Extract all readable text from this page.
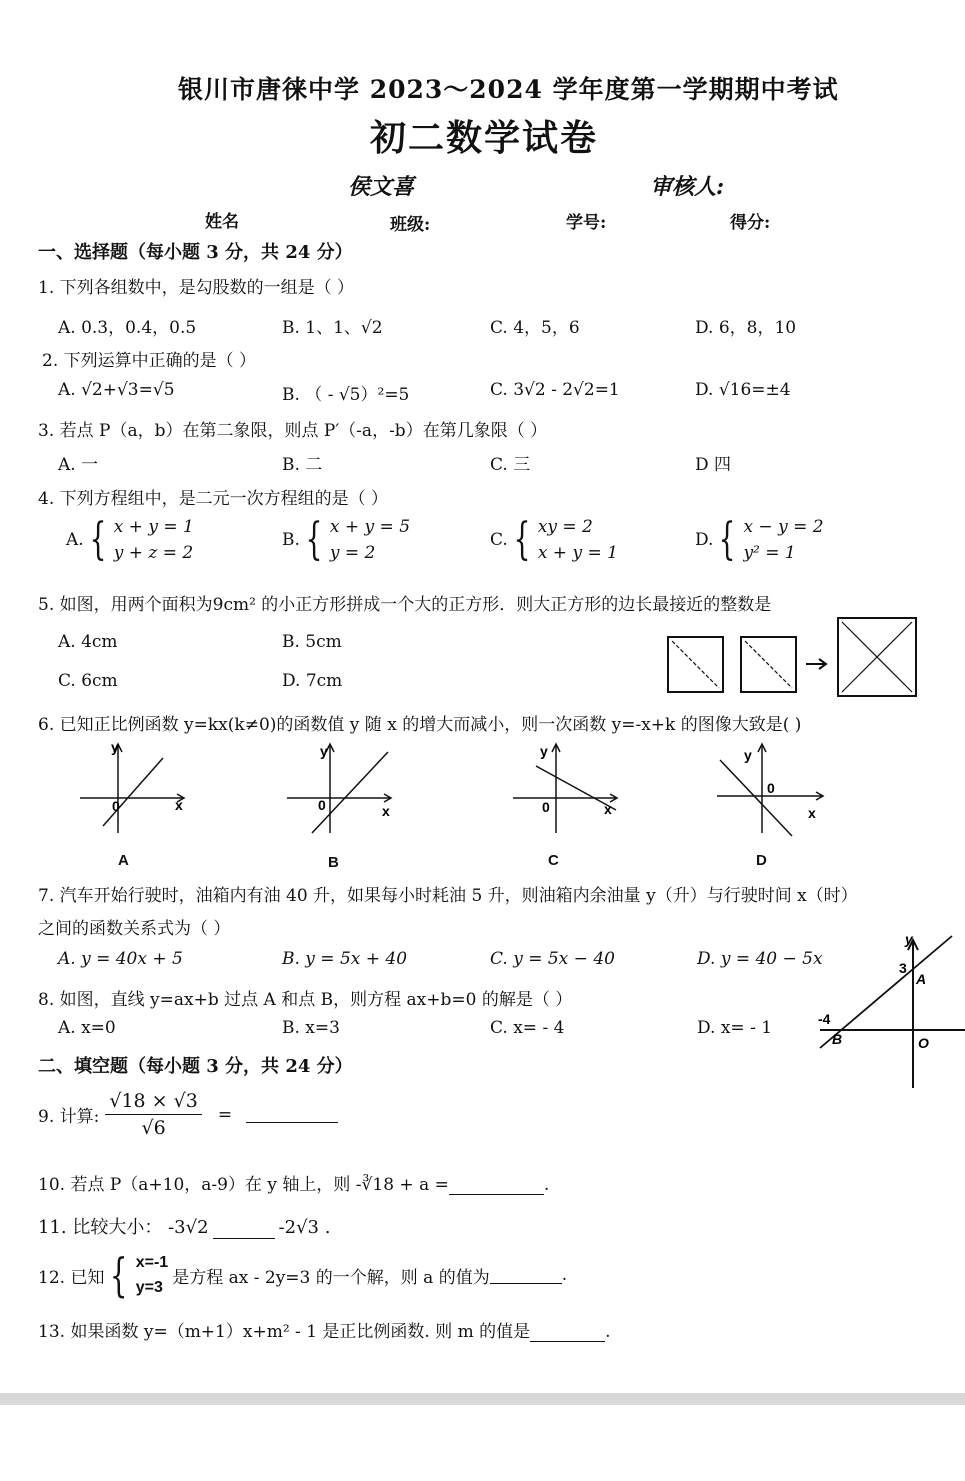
银川市唐徕中学 2023～2024 学年度第一学期期中考试
初二数学试卷
侯文喜	审核人:
姓名	班级:	学号:	得分:
一、选择题（每小题 3 分，共 24 分）
1. 下列各组数中，是勾股数的一组是（ ）
A. 0.3，0.4，0.5	B. 1、1、√2	C. 4，5，6	D. 6，8，10
2. 下列运算中正确的是（ ）
A. √2+√3=√5	B. （ - √5）²=5	C. 3√2 - 2√2=1	D. √16=±4
3. 若点 P（a，b）在第二象限，则点 P′（-a，-b）在第几象限（ ）
A. 一	B. 二	C. 三	D 四
4. 下列方程组中，是二元一次方程组的是（ ）
A. { x + y = 1
y + z = 2
B. { x + y = 5
y = 2
C. { xy = 2
x + y = 1
D. { x − y = 2
y² = 1
5. 如图，用两个面积为9cm² 的小正方形拼成一个大的正方形．则大正方形的边长最接近的整数是
A. 4cm	B. 5cm
C. 6cm	D. 7cm
6. 已知正比例函数 y=kx(k≠0)的函数值 y 随 x 的增大而减小，则一次函数 y=-x+k 的图像大致是( )
y
x
0
y
x
0
y
x
0
y
x
0
A	B	C	D
7. 汽车开始行驶时，油箱内有油 40 升，如果每小时耗油 5 升，则油箱内余油量 y（升）与行驶时间 x（时）
之间的函数关系式为（ ）
A. y = 40x + 5	B. y = 5x + 40	C. y = 5x − 40	D. y = 40 − 5x
8. 如图，直线 y=ax+b 过点 A 和点 B，则方程 ax+b=0 的解是（ ）
A. x=0	B. x=3	C. x= - 4	D. x= - 1
y
3
A
-4
B	O
二、填空题（每小题 3 分，共 24 分）
9. 计算: $\frac{√18 \times √3}{√6}$ =
10. 若点 P（a+10，a-9）在 y 轴上，则 -∛18 + a =	.
11. 比较大小： -3√2	-2√3 .
12. 已知 { x=-1
y=3 是方程 ax - 2y=3 的一个解，则 a 的值为	.
13. 如果函数 y=（m+1）x+m² - 1 是正比例函数. 则 m 的值是	.
